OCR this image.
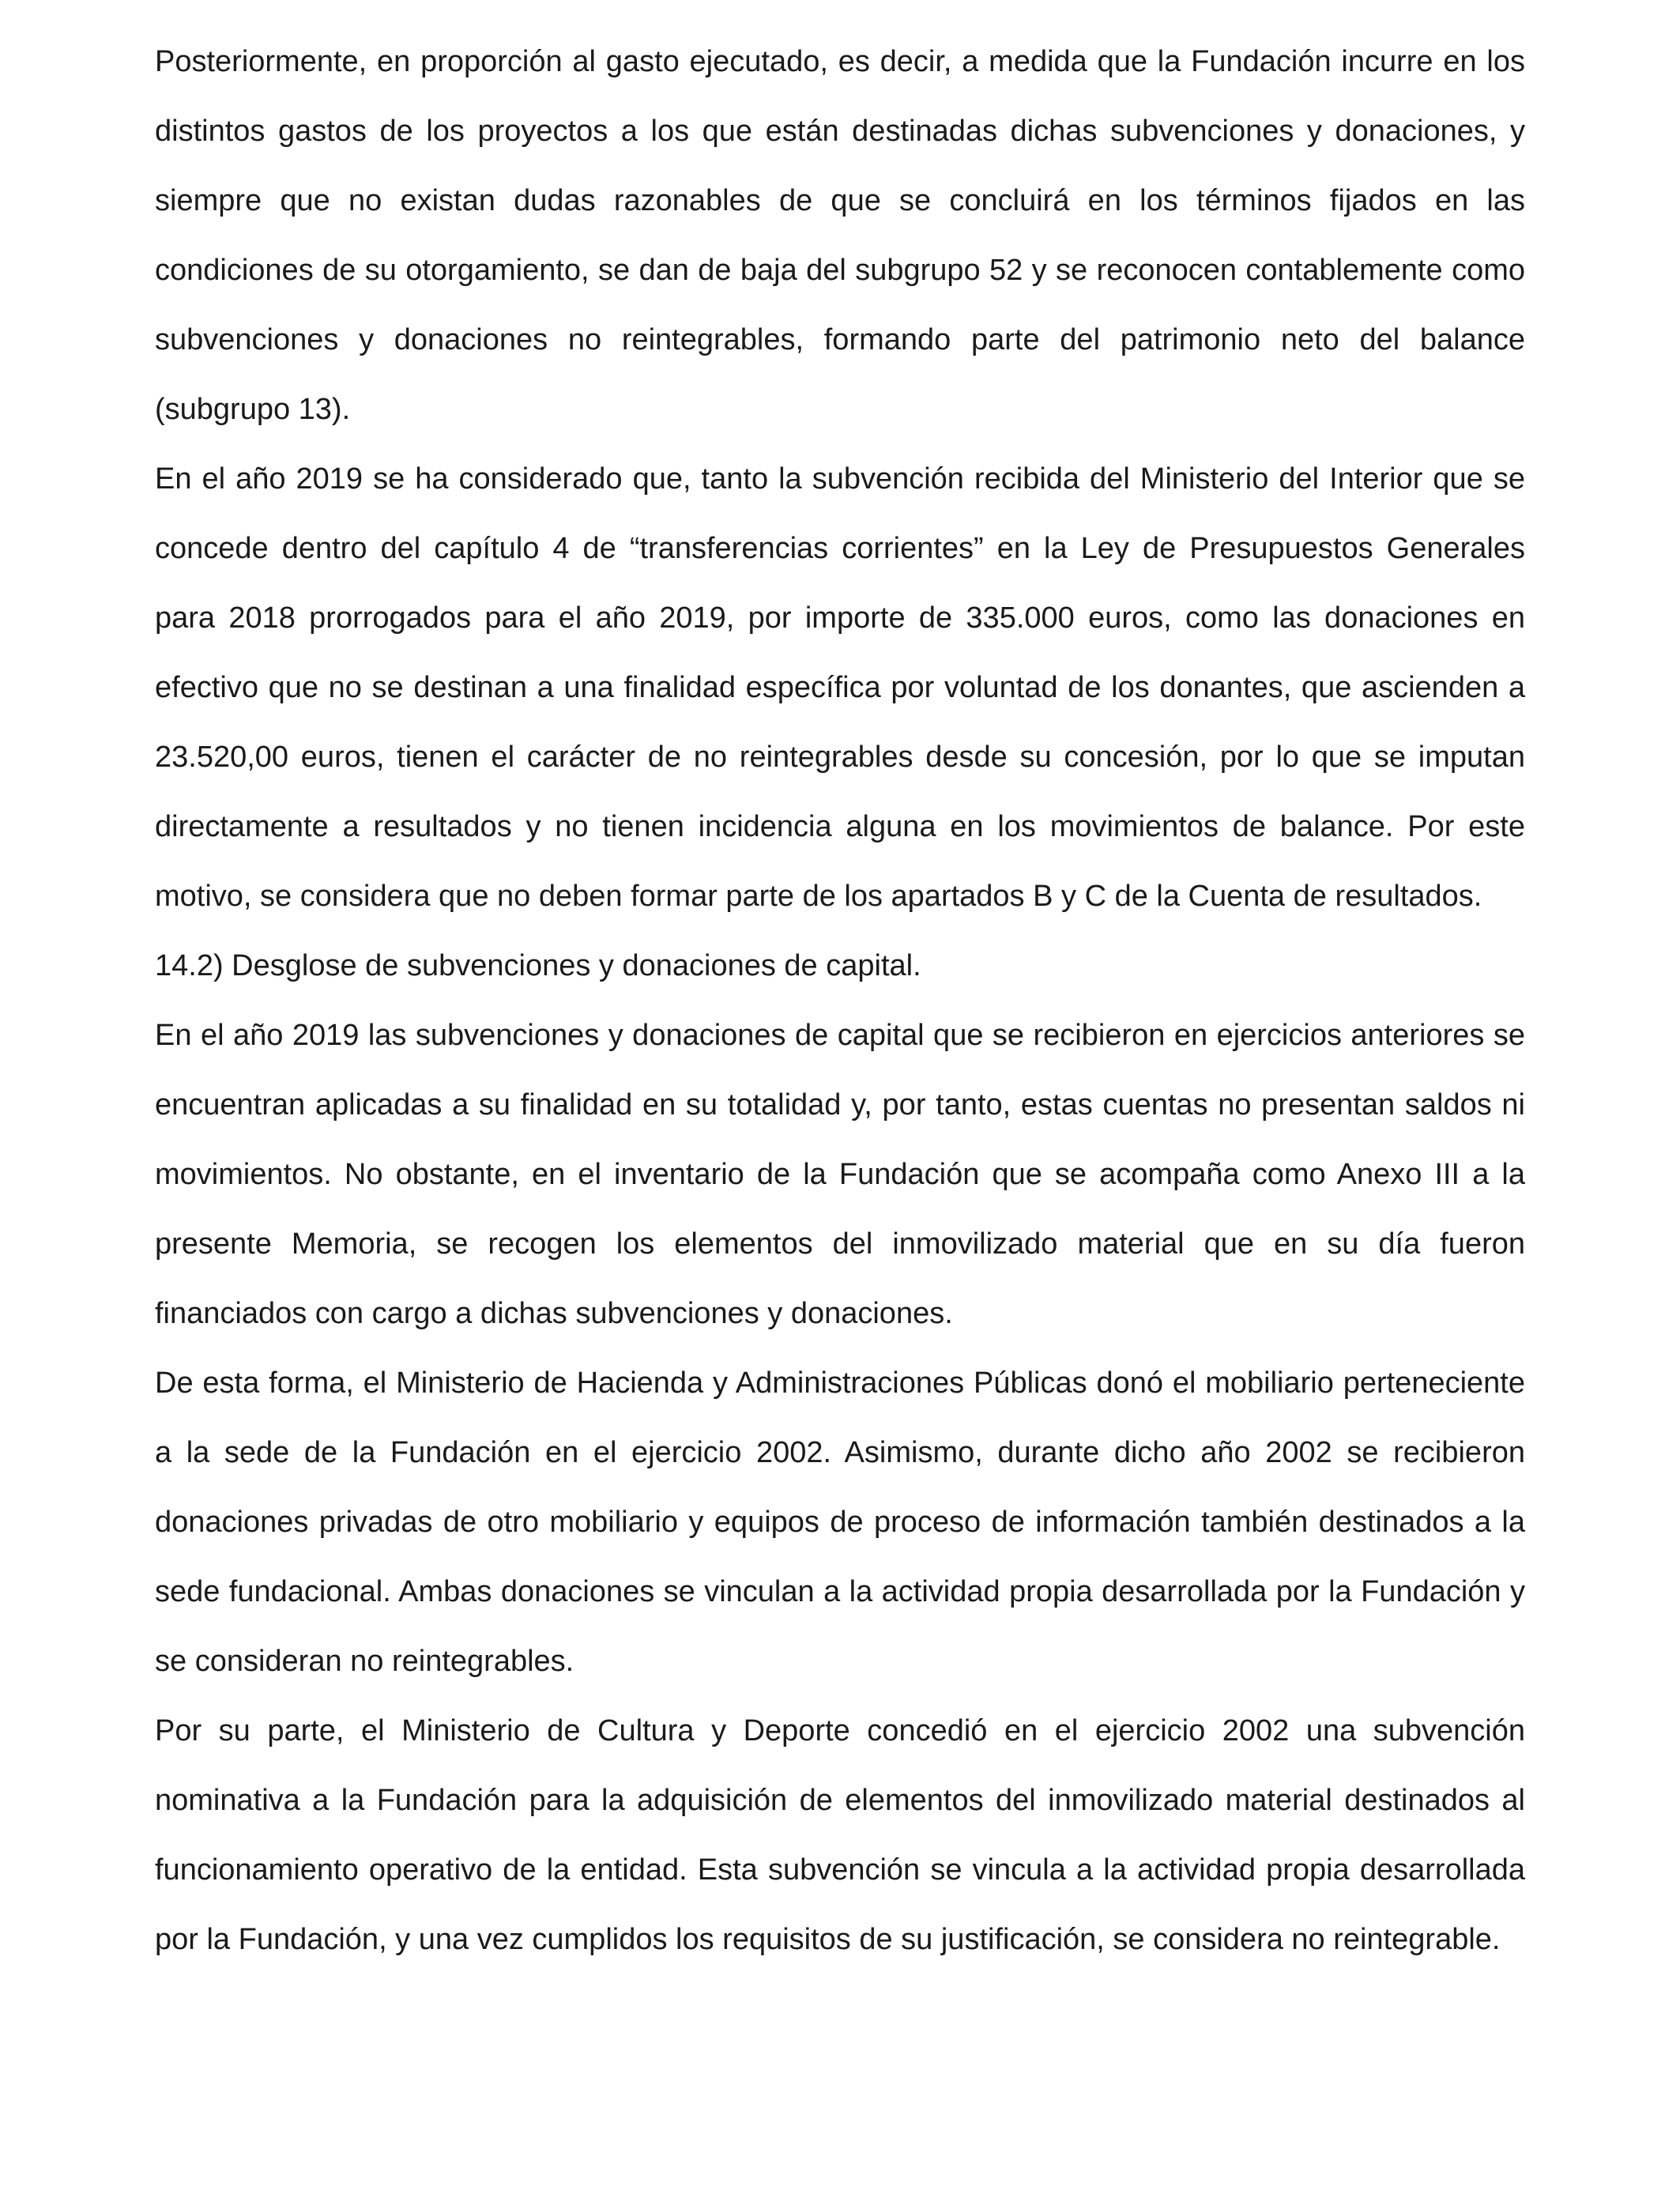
Posteriormente, en proporción al gasto ejecutado, es decir, a medida que la Fundación incurre en los distintos gastos de los proyectos a los que están destinadas dichas subvenciones y donaciones, y siempre que no existan dudas razonables de que se concluirá en los términos fijados en las condiciones de su otorgamiento, se dan de baja del subgrupo 52 y se reconocen contablemente como subvenciones y donaciones no reintegrables, formando parte del patrimonio neto del balance (subgrupo 13).

En el año 2019 se ha considerado que, tanto la subvención recibida del Ministerio del Interior que se concede dentro del capítulo 4 de “transferencias corrientes” en la Ley de Presupuestos Generales para 2018 prorrogados para el año 2019, por importe de 335.000 euros, como las donaciones en efectivo que no se destinan a una finalidad específica por voluntad de los donantes, que ascienden a 23.520,00 euros, tienen el carácter de no reintegrables desde su concesión, por lo que se imputan directamente a resultados y no tienen incidencia alguna en los movimientos de balance. Por este motivo, se considera que no deben formar parte de los apartados B y C de la Cuenta de resultados.

14.2) Desglose de subvenciones y donaciones de capital.

En el año 2019 las subvenciones y donaciones de capital que se recibieron en ejercicios anteriores se encuentran aplicadas a su finalidad en su totalidad y, por tanto, estas cuentas no presentan saldos ni movimientos. No obstante, en el inventario de la Fundación que se acompaña como Anexo III a la presente Memoria, se recogen los elementos del inmovilizado material que en su día fueron financiados con cargo a dichas subvenciones y donaciones.

De esta forma, el Ministerio de Hacienda y Administraciones Públicas donó el mobiliario perteneciente a la sede de la Fundación en el ejercicio 2002. Asimismo, durante dicho año 2002 se recibieron donaciones privadas de otro mobiliario y equipos de proceso de información también destinados a la sede fundacional. Ambas donaciones se vinculan a la actividad propia desarrollada por la Fundación y se consideran no reintegrables.

Por su parte, el Ministerio de Cultura y Deporte concedió en el ejercicio 2002 una subvención nominativa a la Fundación para la adquisición de elementos del inmovilizado material destinados al funcionamiento operativo de la entidad. Esta subvención se vincula a la actividad propia desarrollada por la Fundación, y una vez cumplidos los requisitos de su justificación, se considera no reintegrable.
